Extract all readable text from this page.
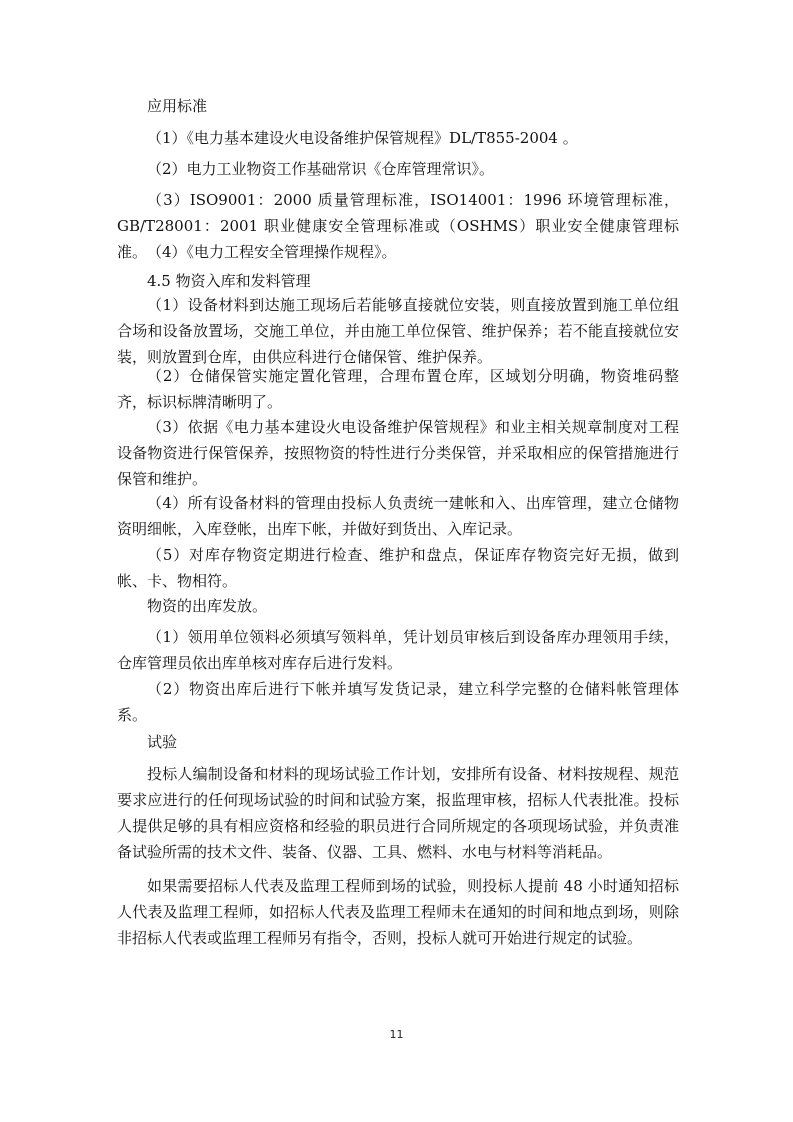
应用标准

（1）《电力基本建设火电设备维护保管规程》DL/T855-2004 。

（2）电力工业物资工作基础常识《仓库管理常识》。

（3）ISO9001：2000 质量管理标准，ISO14001：1996 环境管理标准，GB/T28001：2001 职业健康安全管理标准或（OSHMS）职业安全健康管理标准。 （4）《电力工程安全管理操作规程》。

4.5 物资入库和发料管理

（1）设备材料到达施工现场后若能够直接就位安装，则直接放置到施工单位组合场和设备放置场，交施工单位，并由施工单位保管、维护保养；若不能直接就位安装，则放置到仓库，由供应科进行仓储保管、维护保养。

（2）仓储保管实施定置化管理，合理布置仓库，区域划分明确，物资堆码整齐，标识标牌清晰明了。

（3）依据《电力基本建设火电设备维护保管规程》和业主相关规章制度对工程设备物资进行保管保养，按照物资的特性进行分类保管，并采取相应的保管措施进行保管和维护。

（4）所有设备材料的管理由投标人负责统一建帐和入、出库管理，建立仓储物资明细帐，入库登帐，出库下帐，并做好到货出、入库记录。

（5）对库存物资定期进行检查、维护和盘点，保证库存物资完好无损，做到帐、卡、物相符。

物资的出库发放。

（1）领用单位领料必须填写领料单，凭计划员审核后到设备库办理领用手续，仓库管理员依出库单核对库存后进行发料。

（2）物资出库后进行下帐并填写发货记录，建立科学完整的仓储料帐管理体系。

试验

投标人编制设备和材料的现场试验工作计划，安排所有设备、材料按规程、规范要求应进行的任何现场试验的时间和试验方案，报监理审核，招标人代表批准。投标人提供足够的具有相应资格和经验的职员进行合同所规定的各项现场试验，并负责准备试验所需的技术文件、装备、仪器、工具、燃料、水电与材料等消耗品。

如果需要招标人代表及监理工程师到场的试验，则投标人提前 48 小时通知招标人代表及监理工程师，如招标人代表及监理工程师未在通知的时间和地点到场，则除非招标人代表或监理工程师另有指令，否则，投标人就可开始进行规定的试验。

11
